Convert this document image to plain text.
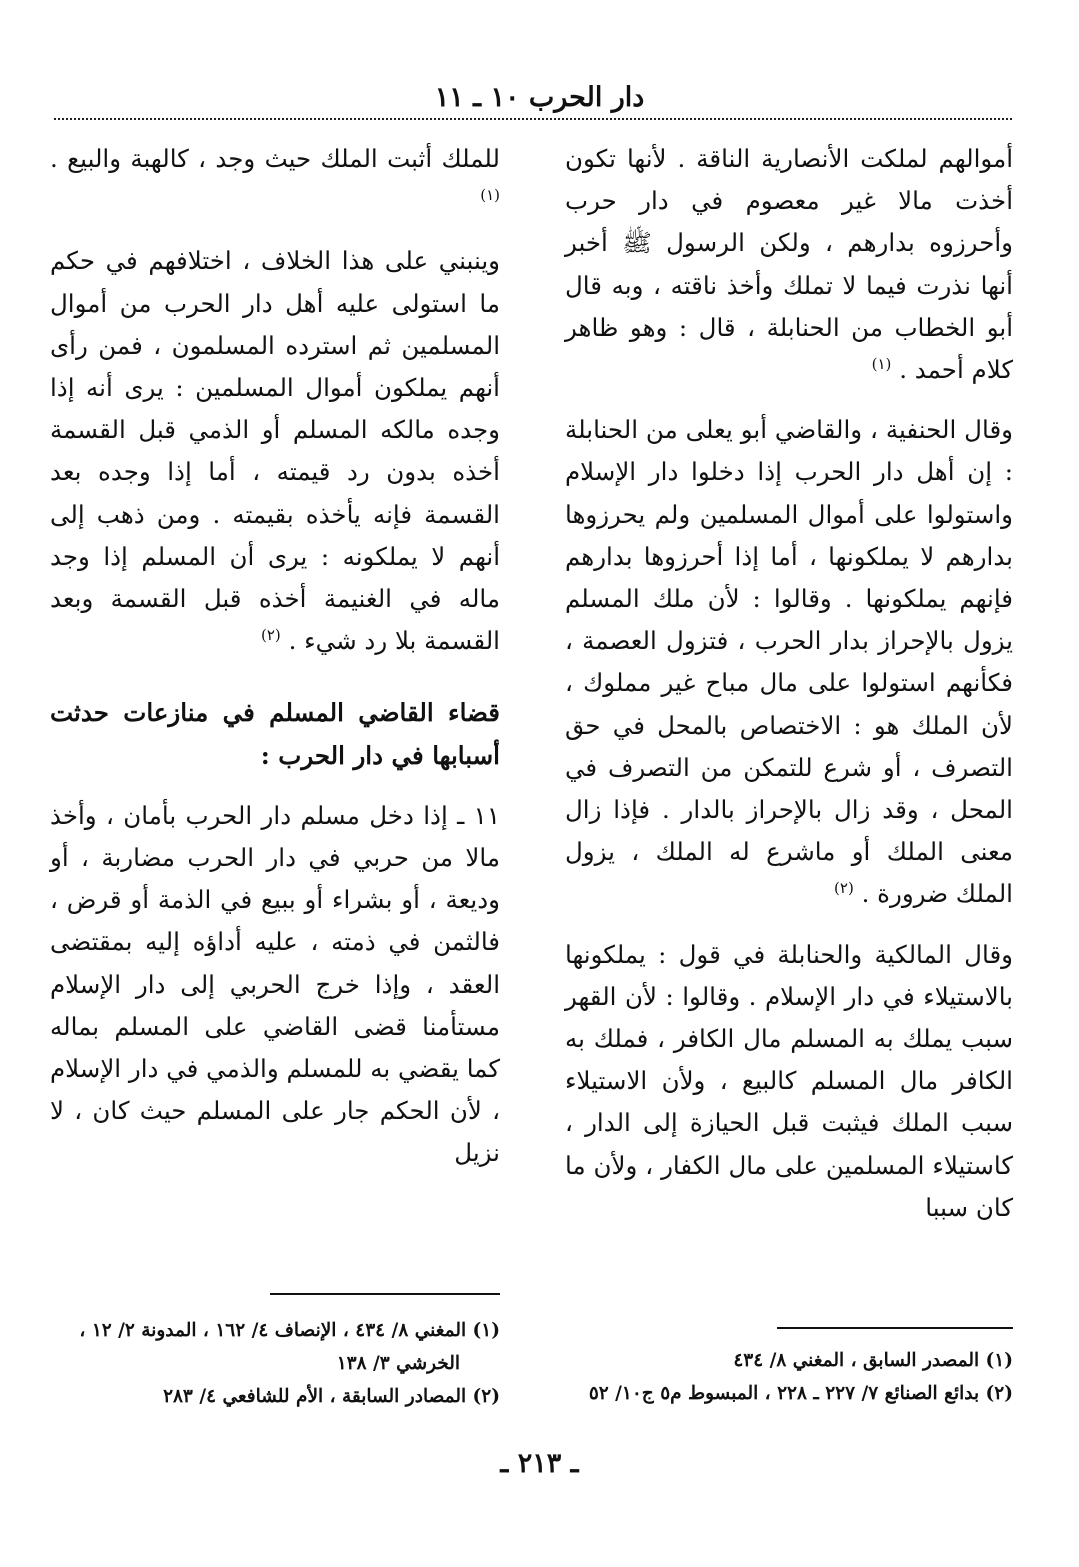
دار الحرب ١٠ ـ ١١

أموالهم لملكت الأنصارية الناقة . لأنها تكون أخذت مالا غير معصوم في دار حرب وأحرزوه بدارهم ، ولكن الرسول ﷺ أخبر أنها نذرت فيما لا تملك وأخذ ناقته ، وبه قال أبو الخطاب من الحنابلة ، قال : وهو ظاهر كلام أحمد . $^{(١)}$

وقال الحنفية ، والقاضي أبو يعلى من الحنابلة : إن أهل دار الحرب إذا دخلوا دار الإسلام واستولوا على أموال المسلمين ولم يحرزوها بدارهم لا يملكونها ، أما إذا أحرزوها بدارهم فإنهم يملكونها . وقالوا : لأن ملك المسلم يزول بالإحراز بدار الحرب ، فتزول العصمة ، فكأنهم استولوا على مال مباح غير مملوك ، لأن الملك هو : الاختصاص بالمحل في حق التصرف ، أو شرع للتمكن من التصرف في المحل ، وقد زال بالإحراز بالدار . فإذا زال معنى الملك أو ماشرع له الملك ، يزول الملك ضرورة . $^{(٢)}$

وقال المالكية والحنابلة في قول : يملكونها بالاستيلاء في دار الإسلام . وقالوا : لأن القهر سبب يملك به المسلم مال الكافر ، فملك به الكافر مال المسلم كالبيع ، ولأن الاستيلاء سبب الملك فيثبت قبل الحيازة إلى الدار ، كاستيلاء المسلمين على مال الكفار ، ولأن ما كان سببا

للملك أثبت الملك حيث وجد ، كالهبة والبيع . $^{(١)}$

وينبني على هذا الخلاف ، اختلافهم في حكم ما استولى عليه أهل دار الحرب من أموال المسلمين ثم استرده المسلمون ، فمن رأى أنهم يملكون أموال المسلمين : يرى أنه إذا وجده مالكه المسلم أو الذمي قبل القسمة أخذه بدون رد قيمته ، أما إذا وجده بعد القسمة فإنه يأخذه بقيمته . ومن ذهب إلى أنهم لا يملكونه : يرى أن المسلم إذا وجد ماله في الغنيمة أخذه قبل القسمة وبعد القسمة بلا رد شيء . $^{(٢)}$

قضاء القاضي المسلم في منازعات حدثت أسبابها في دار الحرب :

١١ ـ إذا دخل مسلم دار الحرب بأمان ، وأخذ مالا من حربي في دار الحرب مضاربة ، أو وديعة ، أو بشراء أو ببيع في الذمة أو قرض ، فالثمن في ذمته ، عليه أداؤه إليه بمقتضى العقد ، وإذا خرج الحربي إلى دار الإسلام مستأمنا قضى القاضي على المسلم بماله كما يقضي به للمسلم والذمي في دار الإسلام ، لأن الحكم جار على المسلم حيث كان ، لا نزيل

(١) المصدر السابق ، المغني ٨/ ٤٣٤
(٢) بدائع الصنائع ٧/ ٢٢٧ ـ ٢٢٨ ، المبسوط م٥ ج١٠/ ٥٢
(١) المغني ٨/ ٤٣٤ ، الإنصاف ٤/ ١٦٢ ، المدونة ٢/ ١٢ ،
الخرشي ٣/ ١٣٨
(٢) المصادر السابقة ، الأم للشافعي ٤/ ٢٨٣
ـ ٢١٣ ـ
